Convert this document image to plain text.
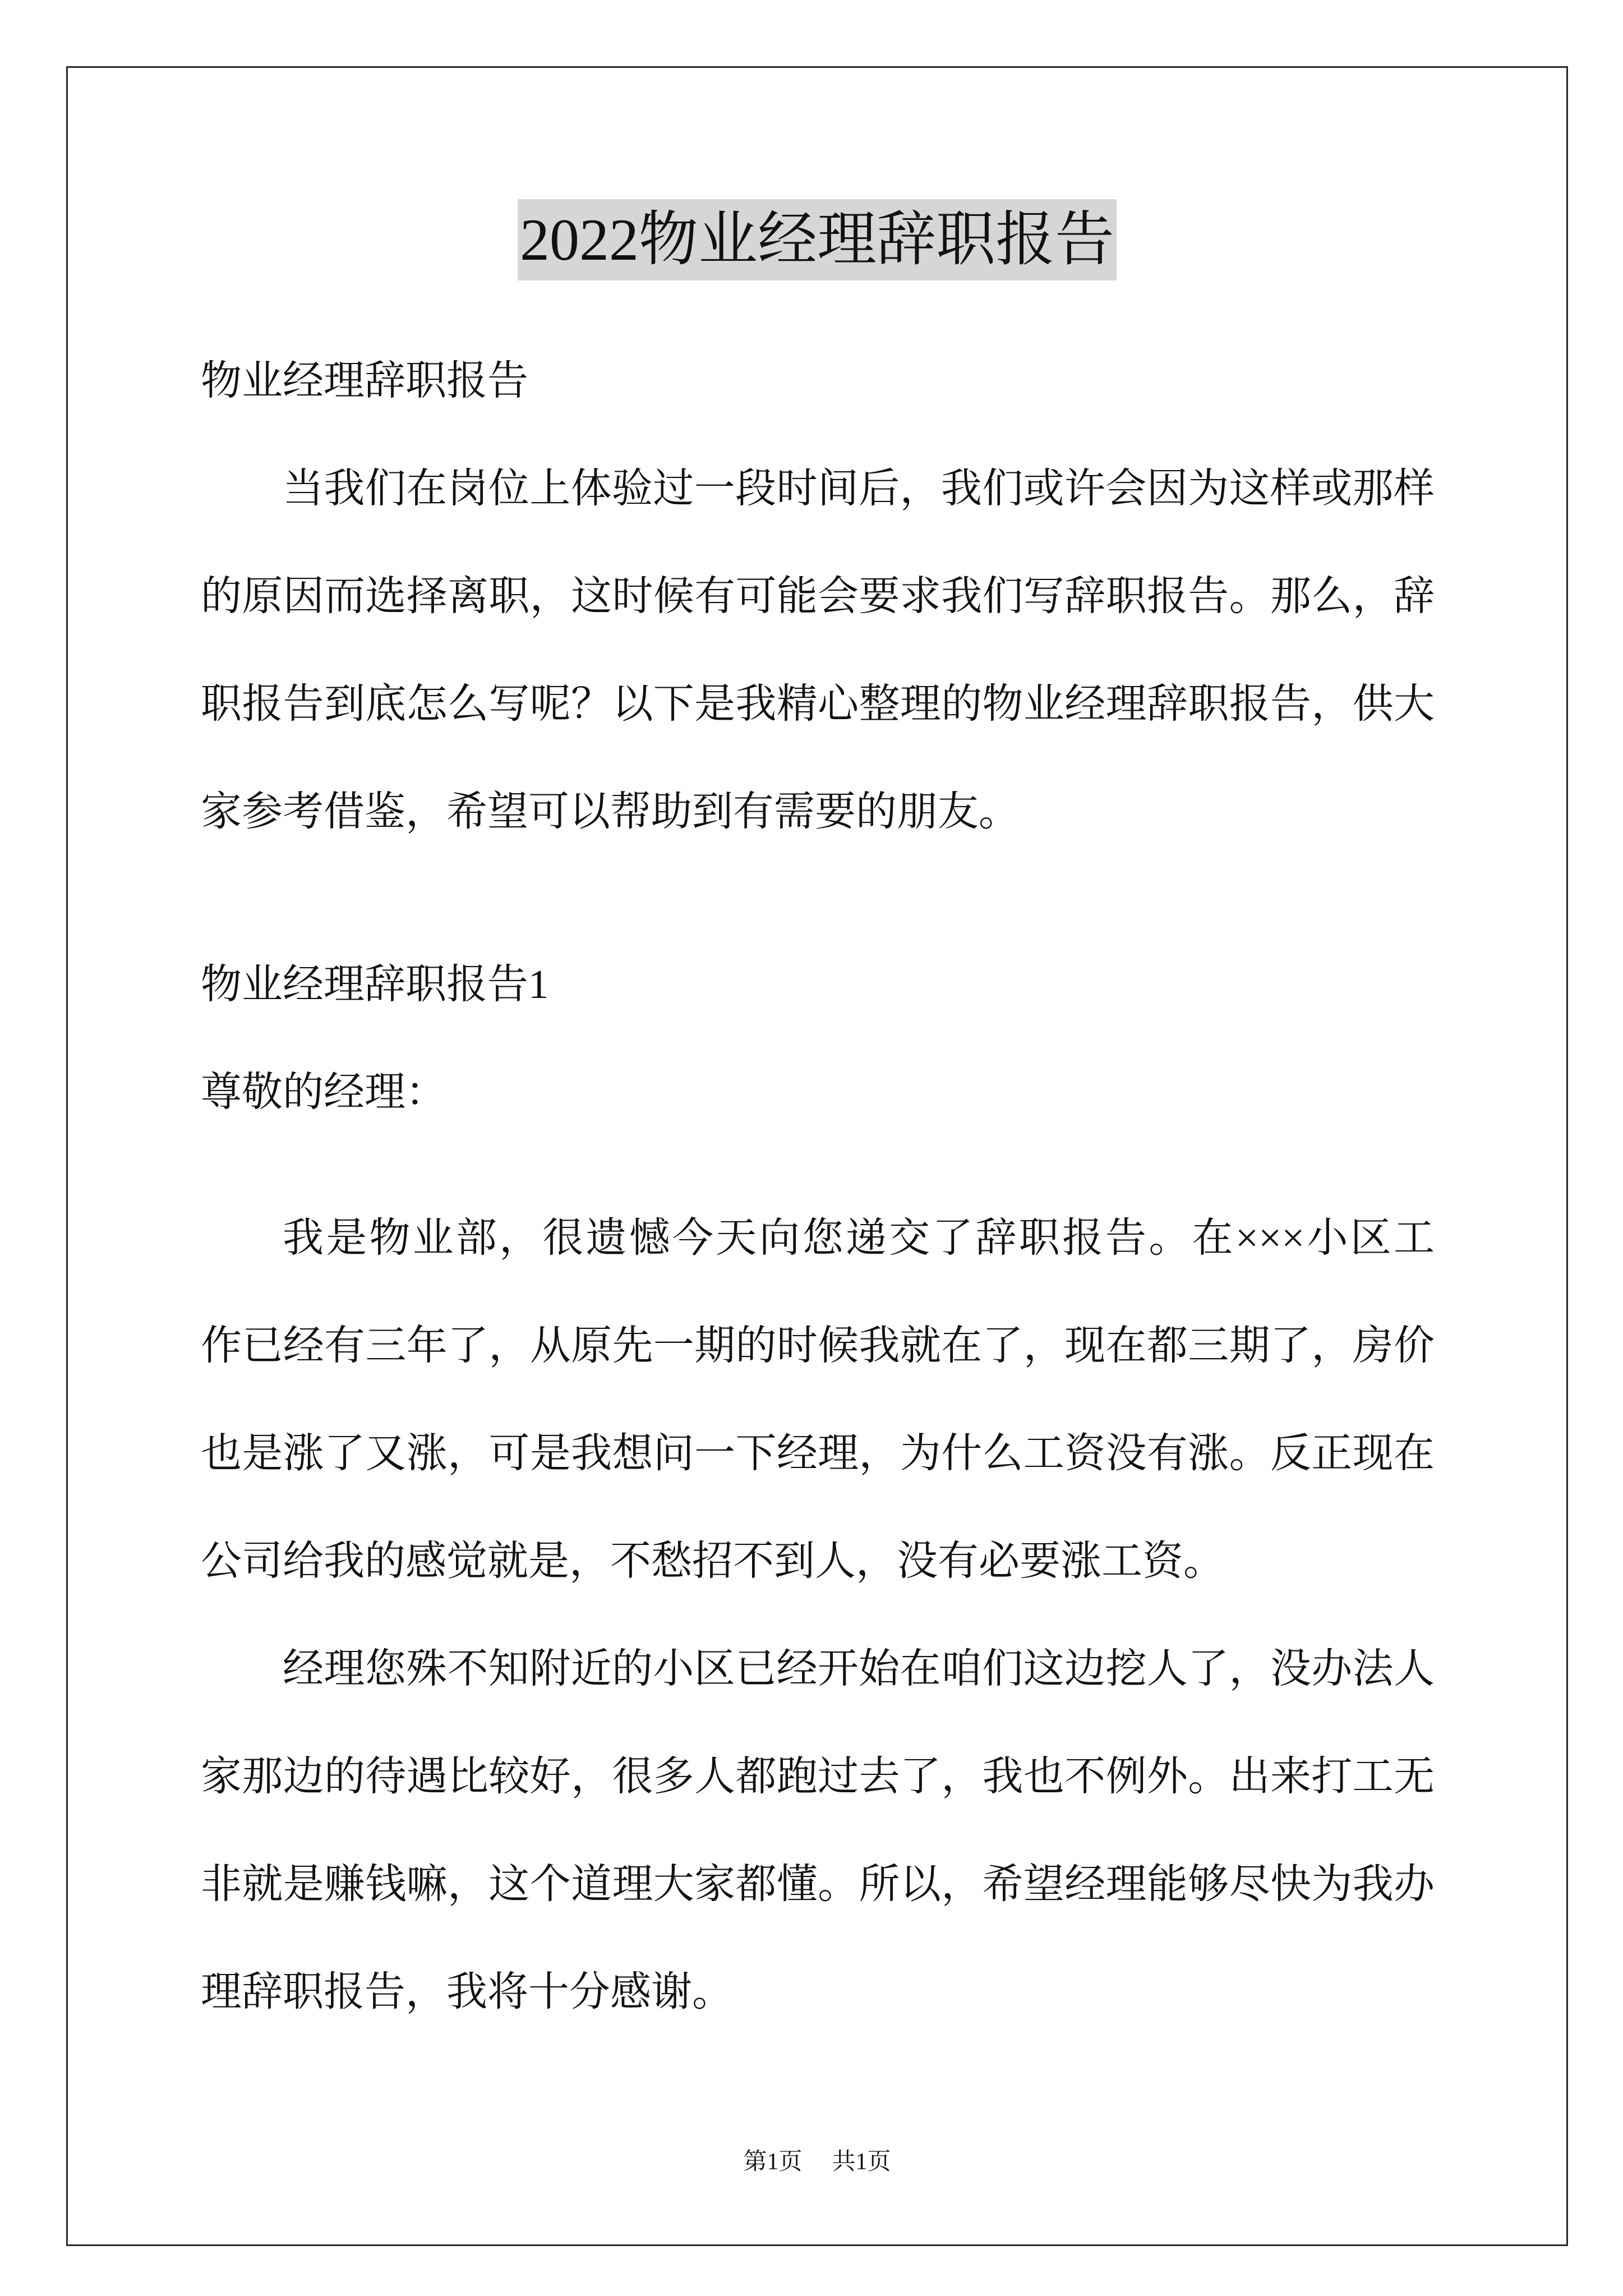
2022物业经理辞职报告
物业经理辞职报告
当我们在岗位上体验过一段时间后，我们或许会因为这样或那样
的原因而选择离职，这时候有可能会要求我们写辞职报告。那么，辞
职报告到底怎么写呢？以下是我精心整理的物业经理辞职报告，供大
家参考借鉴，希望可以帮助到有需要的朋友。
物业经理辞职报告1
尊敬的经理：
我是物业部，很遗憾今天向您递交了辞职报告。在×××小区工
作已经有三年了，从原先一期的时候我就在了，现在都三期了，房价
也是涨了又涨，可是我想问一下经理，为什么工资没有涨。反正现在
公司给我的感觉就是，不愁招不到人，没有必要涨工资。
经理您殊不知附近的小区已经开始在咱们这边挖人了，没办法人
家那边的待遇比较好，很多人都跑过去了，我也不例外。出来打工无
非就是赚钱嘛，这个道理大家都懂。所以，希望经理能够尽快为我办
理辞职报告，我将十分感谢。
第1页 共1页
